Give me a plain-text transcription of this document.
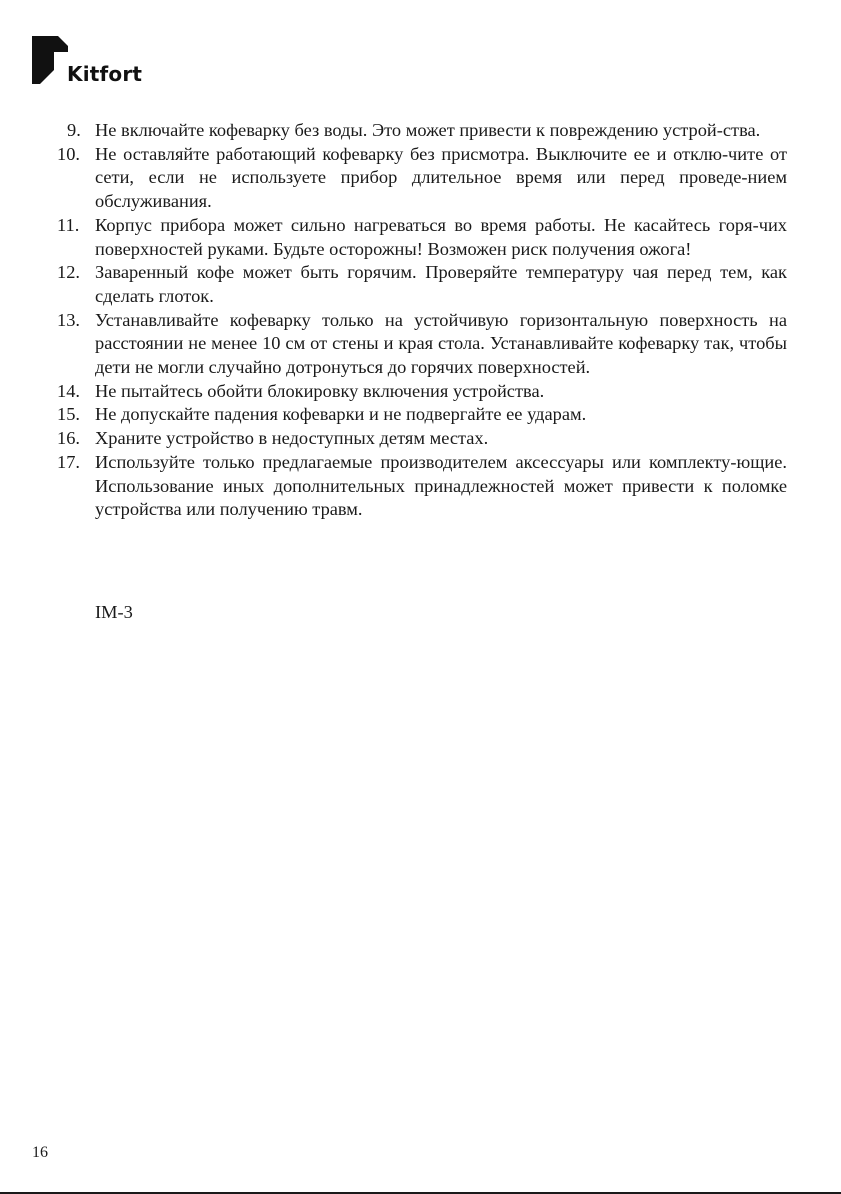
Kitfort
9. Не включайте кофеварку без воды. Это может привести к повреждению устрой-ства.
10. Не оставляйте работающий кофеварку без присмотра. Выключите ее и отклю-чите от сети, если не используете прибор длительное время или перед проведе-нием обслуживания.
11. Корпус прибора может сильно нагреваться во время работы. Не касайтесь горя-чих поверхностей руками. Будьте осторожны! Возможен риск получения ожога!
12. Заваренный кофе может быть горячим. Проверяйте температуру чая перед тем, как сделать глоток.
13. Устанавливайте кофеварку только на устойчивую горизонтальную поверхность на расстоянии не менее 10 см от стены и края стола. Устанавливайте кофеварку так, чтобы дети не могли случайно дотронуться до горячих поверхностей.
14. Не пытайтесь обойти блокировку включения устройства.
15. Не допускайте падения кофеварки и не подвергайте ее ударам.
16. Храните устройство в недоступных детям местах.
17. Используйте только предлагаемые производителем аксессуары или комплекту-ющие. Использование иных дополнительных принадлежностей может привести к поломке устройства или получению травм.
IM-3
16
